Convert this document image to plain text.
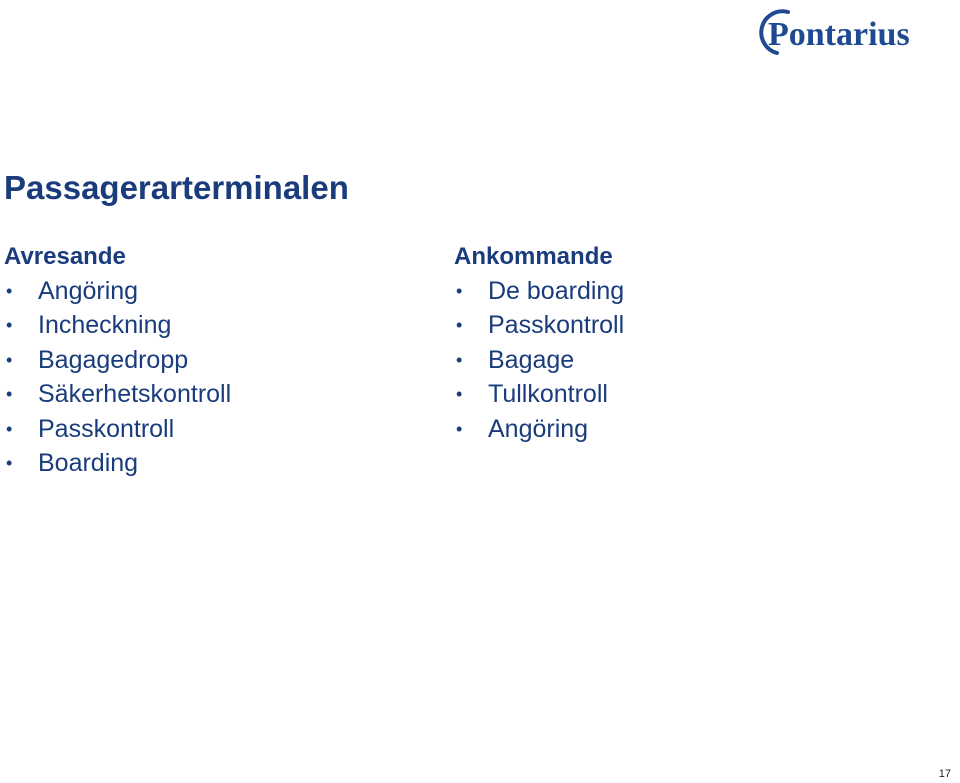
Pontarius
Passagerarterminalen
Avresande
• Angöring
• Incheckning
• Bagagedropp
• Säkerhetskontroll
• Passkontroll
• Boarding
Ankommande
• De boarding
• Passkontroll
• Bagage
• Tullkontroll
• Angöring
17
